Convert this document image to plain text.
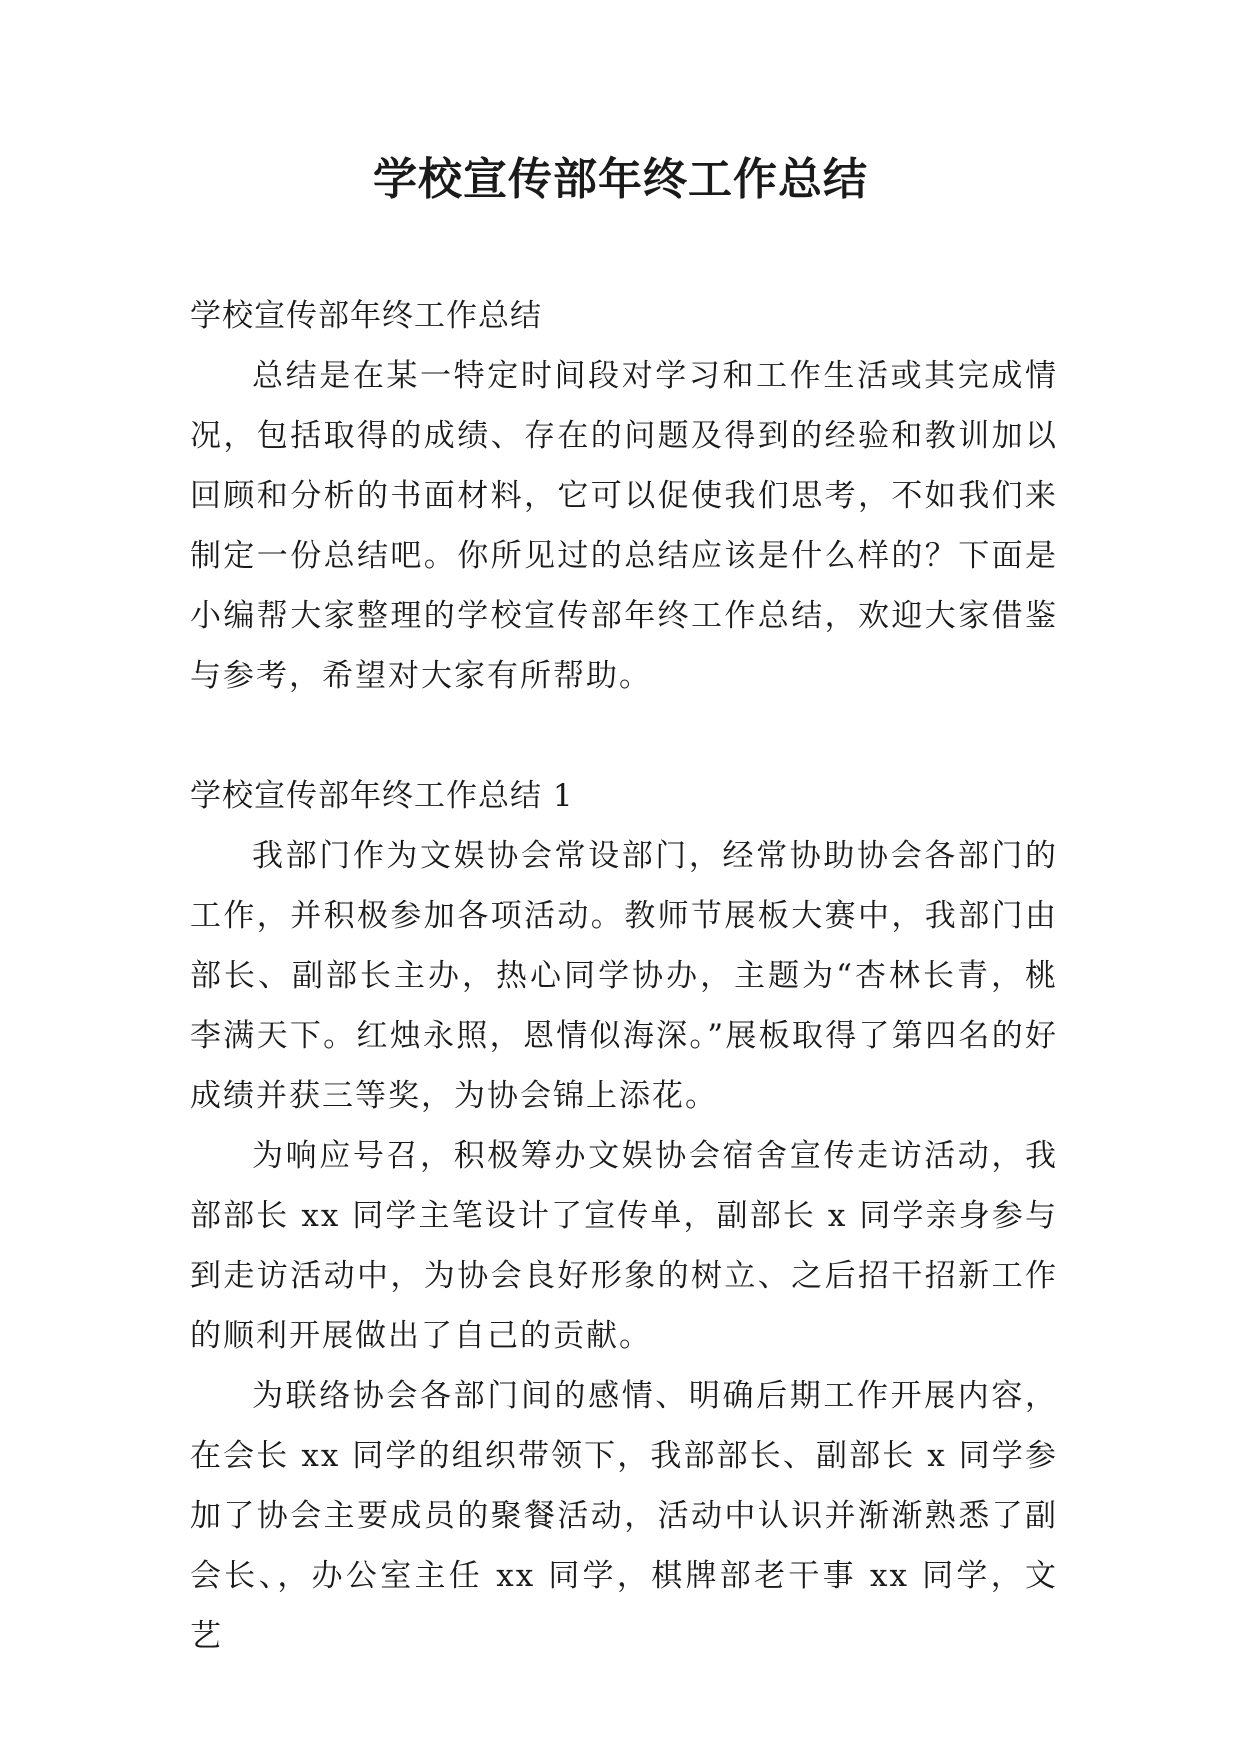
学校宣传部年终工作总结

学校宣传部年终工作总结

总结是在某一特定时间段对学习和工作生活或其完成情况，包括取得的成绩、存在的问题及得到的经验和教训加以回顾和分析的书面材料，它可以促使我们思考，不如我们来制定一份总结吧。你所见过的总结应该是什么样的？下面是小编帮大家整理的学校宣传部年终工作总结，欢迎大家借鉴与参考，希望对大家有所帮助。

学校宣传部年终工作总结 1

我部门作为文娱协会常设部门，经常协助协会各部门的工作，并积极参加各项活动。教师节展板大赛中，我部门由部长、副部长主办，热心同学协办，主题为“杏林长青，桃李满天下。红烛永照，恩情似海深。”展板取得了第四名的好成绩并获三等奖，为协会锦上添花。

为响应号召，积极筹办文娱协会宿舍宣传走访活动，我部部长 xx 同学主笔设计了宣传单，副部长 x 同学亲身参与到走访活动中，为协会良好形象的树立、之后招干招新工作的顺利开展做出了自己的贡献。

为联络协会各部门间的感情、明确后期工作开展内容，在会长 xx 同学的组织带领下，我部部长、副部长 x 同学参加了协会主要成员的聚餐活动，活动中认识并渐渐熟悉了副会长、，办公室主任 xx 同学，棋牌部老干事 xx 同学，文艺
